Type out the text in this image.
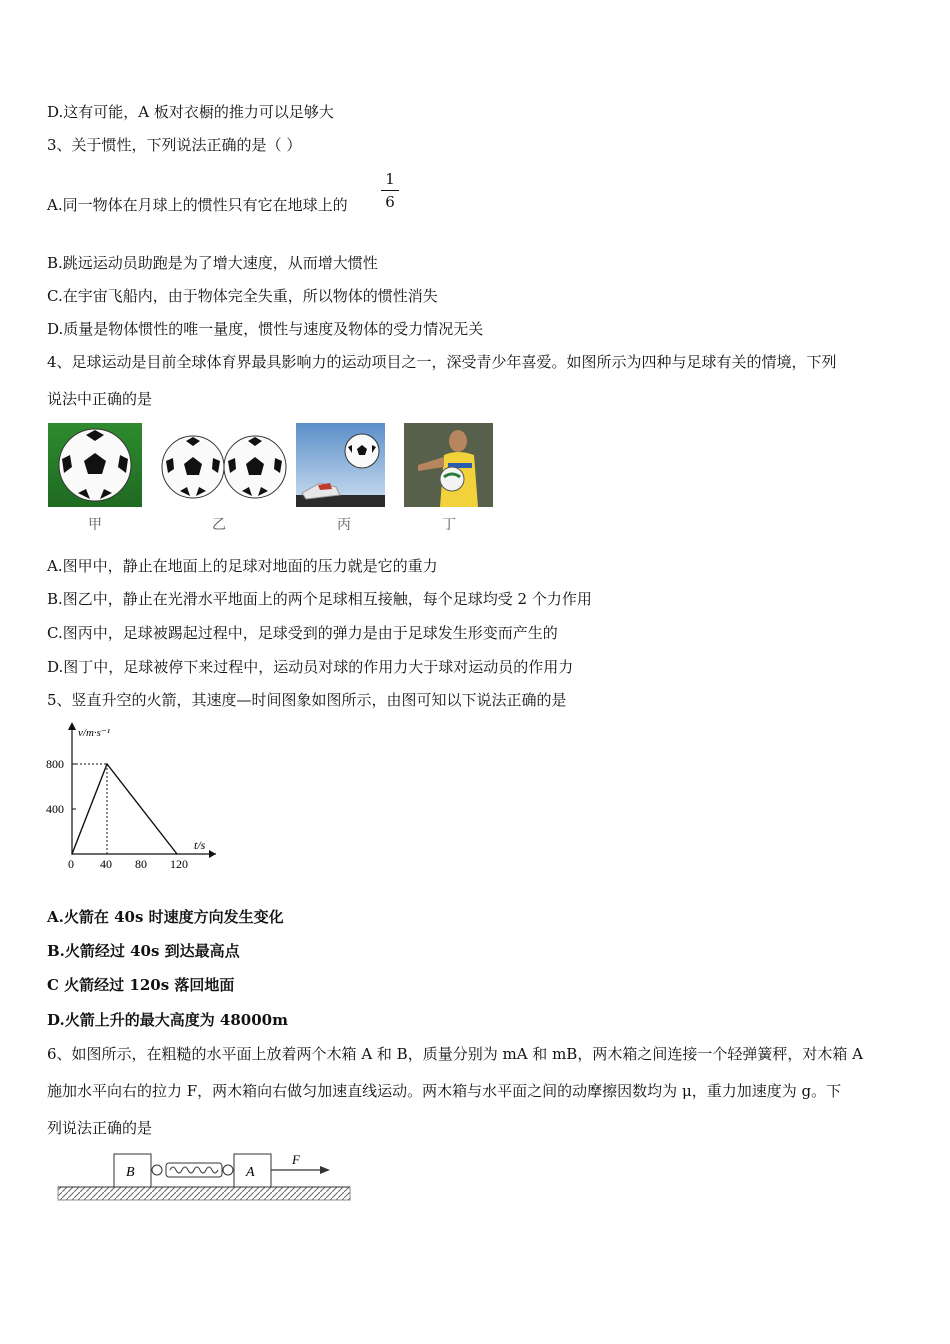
D.这有可能，A 板对衣橱的推力可以足够大
3、关于惯性，下列说法正确的是（ ）
A.同一物体在月球上的惯性只有它在地球上的
1
6
B.跳远运动员助跑是为了增大速度，从而增大惯性
C.在宇宙飞船内，由于物体完全失重，所以物体的惯性消失
D.质量是物体惯性的唯一量度，惯性与速度及物体的受力情况无关
4、足球运动是目前全球体育界最具影响力的运动项目之一，深受青少年喜爱。如图所示为四种与足球有关的情境，下列
说法中正确的是
甲	乙	丙	丁
A.图甲中，静止在地面上的足球对地面的压力就是它的重力
B.图乙中，静止在光滑水平地面上的两个足球相互接触，每个足球均受 2 个力作用
C.图丙中，足球被踢起过程中，足球受到的弹力是由于足球发生形变而产生的
D.图丁中，足球被停下来过程中，运动员对球的作用力大于球对运动员的作用力
5、竖直升空的火箭，其速度—时间图象如图所示，由图可知以下说法正确的是
v/m·s⁻¹
t/s
0 40 80 120
400
800
A.火箭在 40s 时速度方向发生变化
B.火箭经过 40s 到达最高点
C 火箭经过 120s 落回地面
D.火箭上升的最大高度为 48000m
6、如图所示，在粗糙的水平面上放着两个木箱 A 和 B，质量分别为 mA 和 mB，两木箱之间连接一个轻弹簧秤，对木箱 A
施加水平向右的拉力 F，两木箱向右做匀加速直线运动。两木箱与水平面之间的动摩擦因数均为 μ，重力加速度为 g。下
列说法正确的是
B	A
F
